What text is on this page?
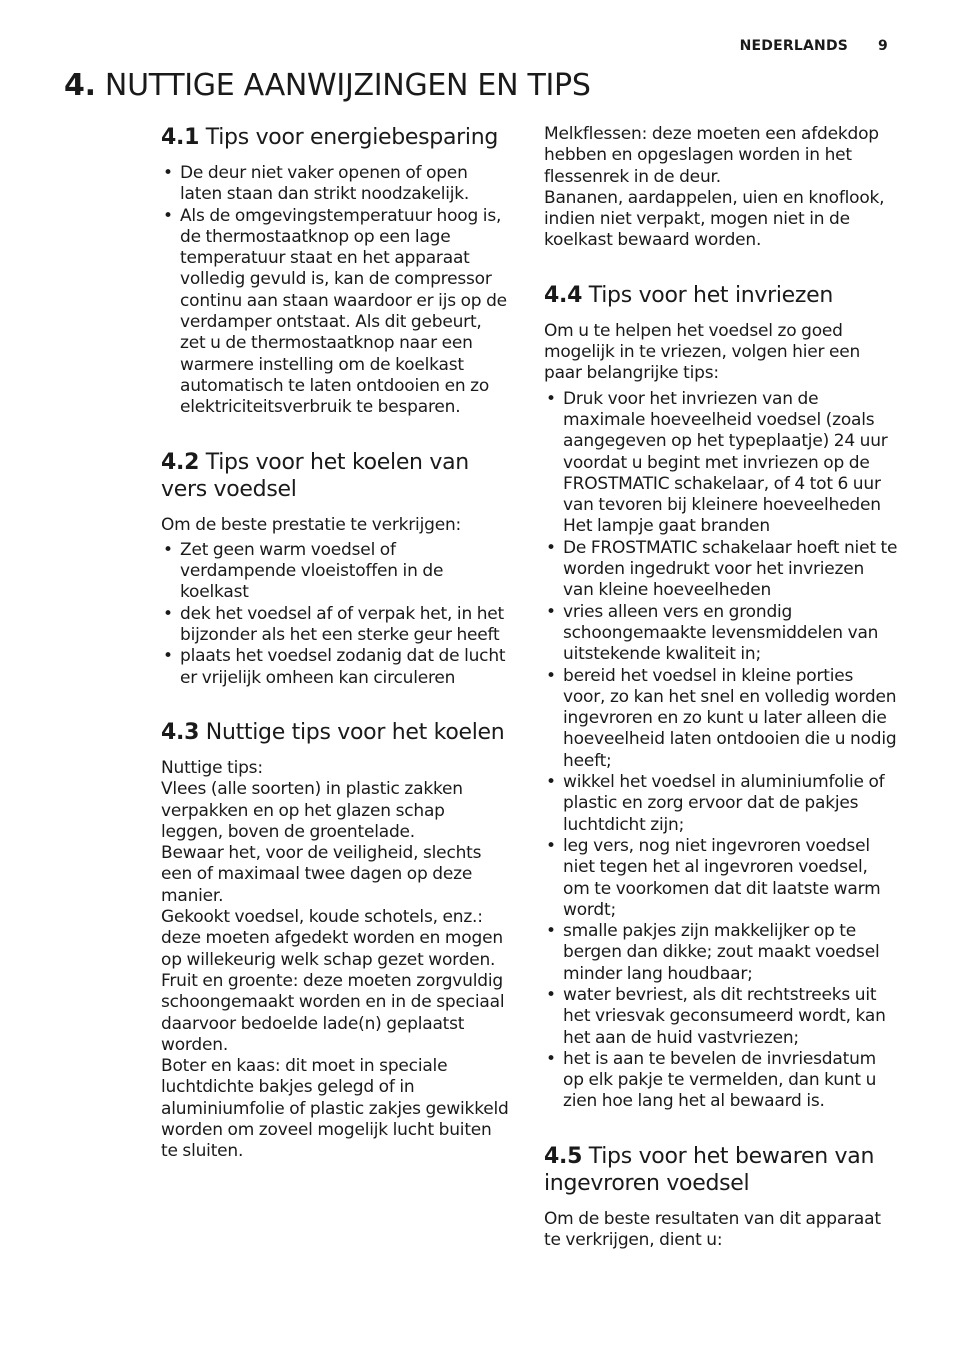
NEDERLANDS 9
4. NUTTIGE AANWIJZINGEN EN TIPS
4.1 Tips voor energiebesparing
• De deur niet vaker openen of open laten staan dan strikt noodzakelijk.
• Als de omgevingstemperatuur hoog is, de thermostaatknop op een lage temperatuur staat en het apparaat volledig gevuld is, kan de compressor continu aan staan waardoor er ijs op de verdamper ontstaat. Als dit gebeurt, zet u de thermostaatknop naar een warmere instelling om de koelkast automatisch te laten ontdooien en zo elektriciteitsverbruik te besparen.
4.2 Tips voor het koelen van vers voedsel

Om de beste prestatie te verkrijgen:

• Zet geen warm voedsel of verdampende vloeistoffen in de koelkast
• dek het voedsel af of verpak het, in het bijzonder als het een sterke geur heeft
• plaats het voedsel zodanig dat de lucht er vrijelijk omheen kan circuleren
4.3 Nuttige tips voor het koelen

Nuttige tips:

Vlees (alle soorten) in plastic zakken verpakken en op het glazen schap leggen, boven de groentelade.

Bewaar het, voor de veiligheid, slechts een of maximaal twee dagen op deze manier.

Gekookt voedsel, koude schotels, enz.: deze moeten afgedekt worden en mogen op willekeurig welk schap gezet worden.

Fruit en groente: deze moeten zorgvuldig schoongemaakt worden en in de speciaal daarvoor bedoelde lade(n) geplaatst worden.

Boter en kaas: dit moet in speciale luchtdichte bakjes gelegd of in aluminiumfolie of plastic zakjes gewikkeld worden om zoveel mogelijk lucht buiten te sluiten.

Melkflessen: deze moeten een afdekdop hebben en opgeslagen worden in het flessenrek in de deur.

Bananen, aardappelen, uien en knoflook, indien niet verpakt, mogen niet in de koelkast bewaard worden.

4.4 Tips voor het invriezen

Om u te helpen het voedsel zo goed mogelijk in te vriezen, volgen hier een paar belangrijke tips:

• Druk voor het invriezen van de maximale hoeveelheid voedsel (zoals aangegeven op het typeplaatje) 24 uur voordat u begint met invriezen op de FROSTMATIC schakelaar, of 4 tot 6 uur van tevoren bij kleinere hoeveelheden Het lampje gaat branden
• De FROSTMATIC schakelaar hoeft niet te worden ingedrukt voor het invriezen van kleine hoeveelheden
• vries alleen vers en grondig schoongemaakte levensmiddelen van uitstekende kwaliteit in;
• bereid het voedsel in kleine porties voor, zo kan het snel en volledig worden ingevroren en zo kunt u later alleen die hoeveelheid laten ontdooien die u nodig heeft;
• wikkel het voedsel in aluminiumfolie of plastic en zorg ervoor dat de pakjes luchtdicht zijn;
• leg vers, nog niet ingevroren voedsel niet tegen het al ingevroren voedsel, om te voorkomen dat dit laatste warm wordt;
• smalle pakjes zijn makkelijker op te bergen dan dikke; zout maakt voedsel minder lang houdbaar;
• water bevriest, als dit rechtstreeks uit het vriesvak geconsumeerd wordt, kan het aan de huid vastvriezen;
• het is aan te bevelen de invriesdatum op elk pakje te vermelden, dan kunt u zien hoe lang het al bewaard is.
4.5 Tips voor het bewaren van ingevroren voedsel

Om de beste resultaten van dit apparaat te verkrijgen, dient u:
